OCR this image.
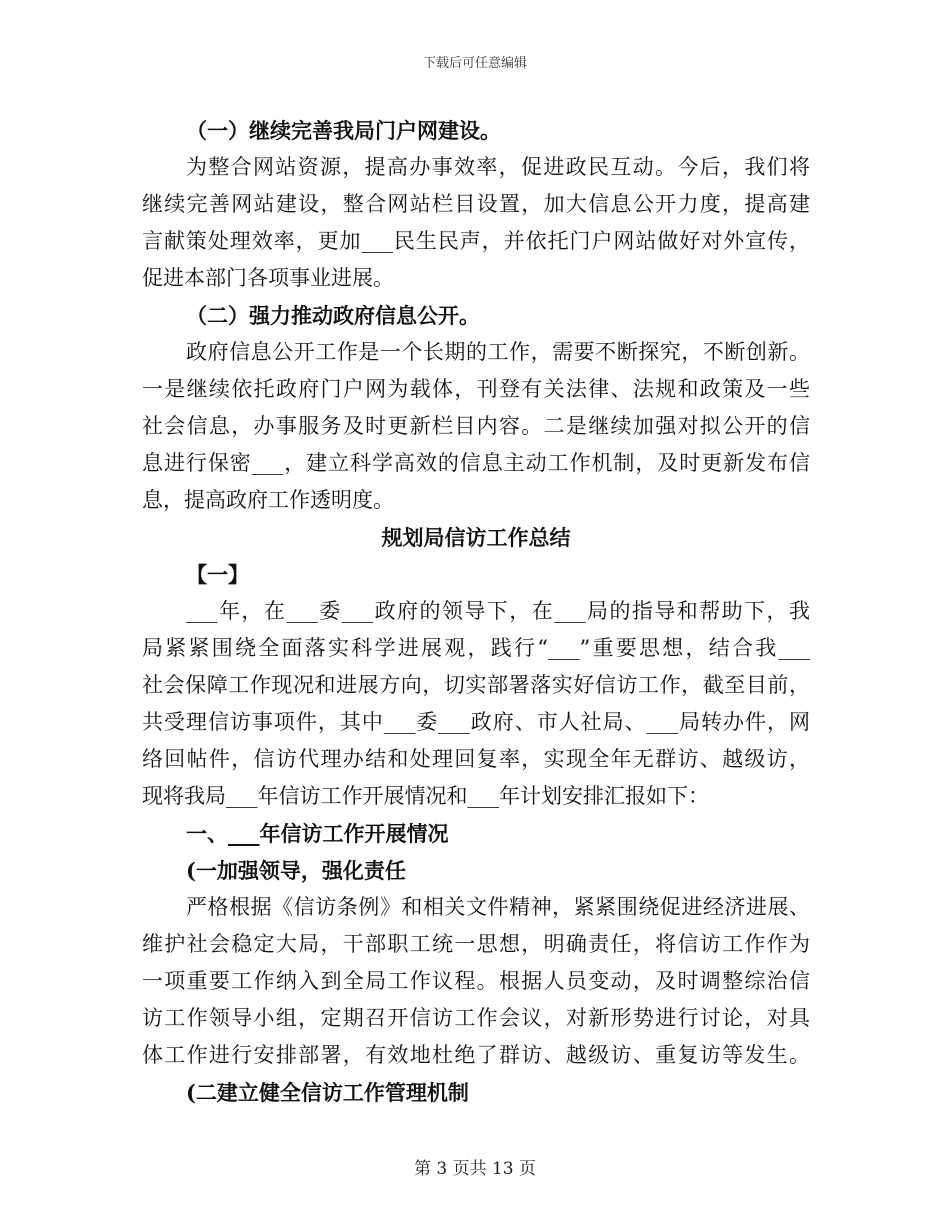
下载后可任意编辑
（一）继续完善我局门户网建设。
为整合网站资源，提高办事效率，促进政民互动。今后，我们将
继续完善网站建设，整合网站栏目设置，加大信息公开力度，提高建
言献策处理效率，更加___民生民声，并依托门户网站做好对外宣传，
促进本部门各项事业进展。
（二）强力推动政府信息公开。
政府信息公开工作是一个长期的工作，需要不断探究，不断创新。
一是继续依托政府门户网为载体，刊登有关法律、法规和政策及一些
社会信息，办事服务及时更新栏目内容。二是继续加强对拟公开的信
息进行保密___，建立科学高效的信息主动工作机制，及时更新发布信
息，提高政府工作透明度。
规划局信访工作总结
【一】
___年，在___委___政府的领导下，在___局的指导和帮助下，我
局紧紧围绕全面落实科学进展观，践行“___”重要思想，结合我___
社会保障工作现况和进展方向，切实部署落实好信访工作，截至目前，
共受理信访事项件，其中___委___政府、市人社局、___局转办件，网
络回帖件，信访代理办结和处理回复率，实现全年无群访、越级访，
现将我局___年信访工作开展情况和___年计划安排汇报如下：
一、___年信访工作开展情况
(一加强领导，强化责任
严格根据《信访条例》和相关文件精神，紧紧围绕促进经济进展、
维护社会稳定大局，干部职工统一思想，明确责任，将信访工作作为
一项重要工作纳入到全局工作议程。根据人员变动，及时调整综治信
访工作领导小组，定期召开信访工作会议，对新形势进行讨论，对具
体工作进行安排部署，有效地杜绝了群访、越级访、重复访等发生。
(二建立健全信访工作管理机制
第 3 页共 13 页
